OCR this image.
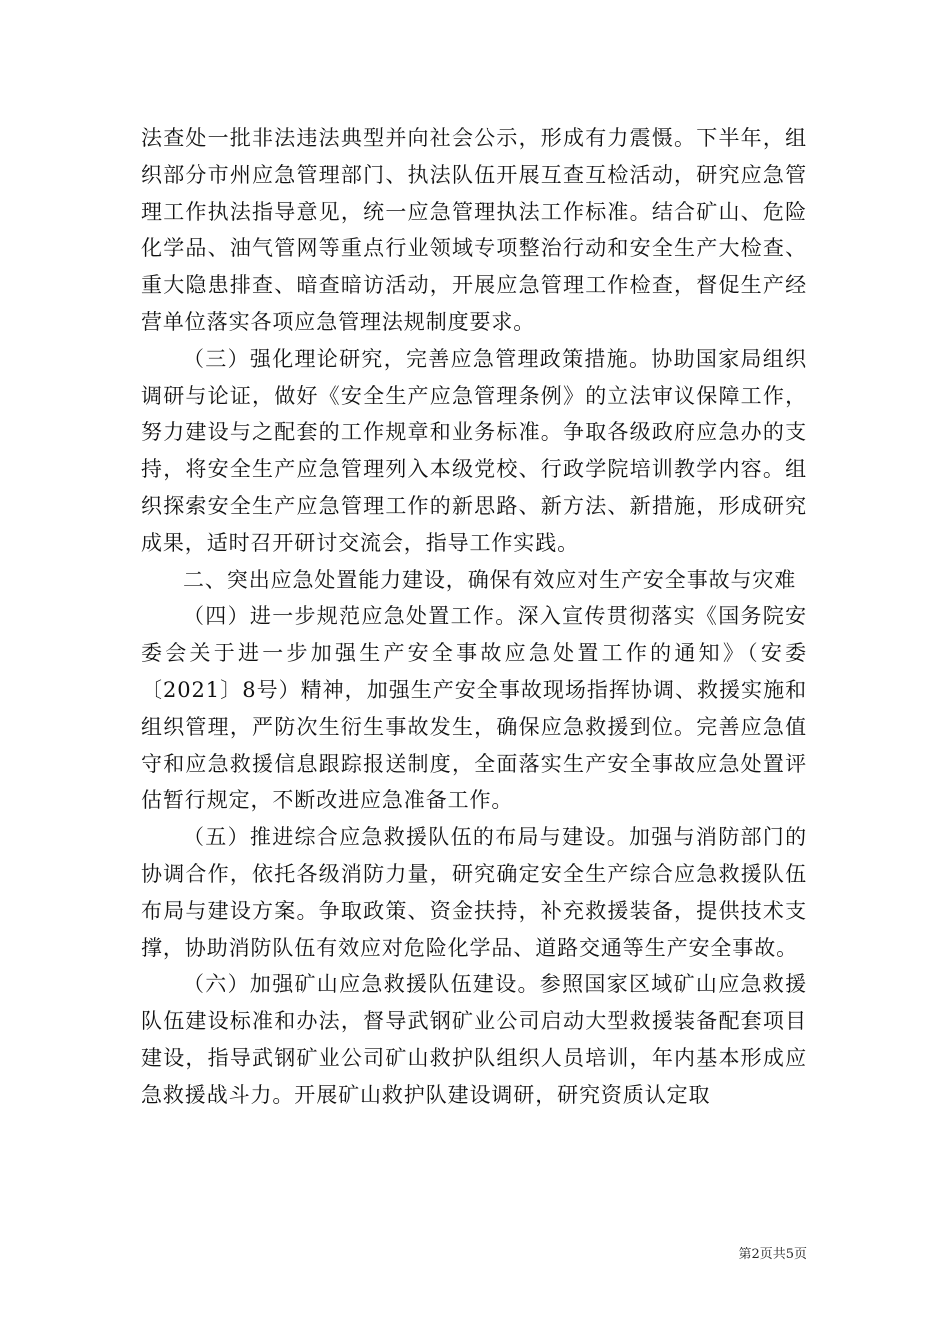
法查处一批非法违法典型并向社会公示，形成有力震慑。下半年，组织部分市州应急管理部门、执法队伍开展互查互检活动，研究应急管理工作执法指导意见，统一应急管理执法工作标准。结合矿山、危险化学品、油气管网等重点行业领域专项整治行动和安全生产大检查、重大隐患排查、暗查暗访活动，开展应急管理工作检查，督促生产经营单位落实各项应急管理法规制度要求。

（三）强化理论研究，完善应急管理政策措施。协助国家局组织调研与论证，做好《安全生产应急管理条例》的立法审议保障工作，努力建设与之配套的工作规章和业务标准。争取各级政府应急办的支持，将安全生产应急管理列入本级党校、行政学院培训教学内容。组织探索安全生产应急管理工作的新思路、新方法、新措施，形成研究成果，适时召开研讨交流会，指导工作实践。

二、突出应急处置能力建设，确保有效应对生产安全事故与灾难

（四）进一步规范应急处置工作。深入宣传贯彻落实《国务院安委会关于进一步加强生产安全事故应急处置工作的通知》（安委〔2021〕8号）精神，加强生产安全事故现场指挥协调、救援实施和组织管理，严防次生衍生事故发生，确保应急救援到位。完善应急值守和应急救援信息跟踪报送制度，全面落实生产安全事故应急处置评估暂行规定，不断改进应急准备工作。

（五）推进综合应急救援队伍的布局与建设。加强与消防部门的协调合作，依托各级消防力量，研究确定安全生产综合应急救援队伍布局与建设方案。争取政策、资金扶持，补充救援装备，提供技术支撑，协助消防队伍有效应对危险化学品、道路交通等生产安全事故。

（六）加强矿山应急救援队伍建设。参照国家区域矿山应急救援队伍建设标准和办法，督导武钢矿业公司启动大型救援装备配套项目建设，指导武钢矿业公司矿山救护队组织人员培训，年内基本形成应急救援战斗力。开展矿山救护队建设调研，研究资质认定取

第2页共5页
